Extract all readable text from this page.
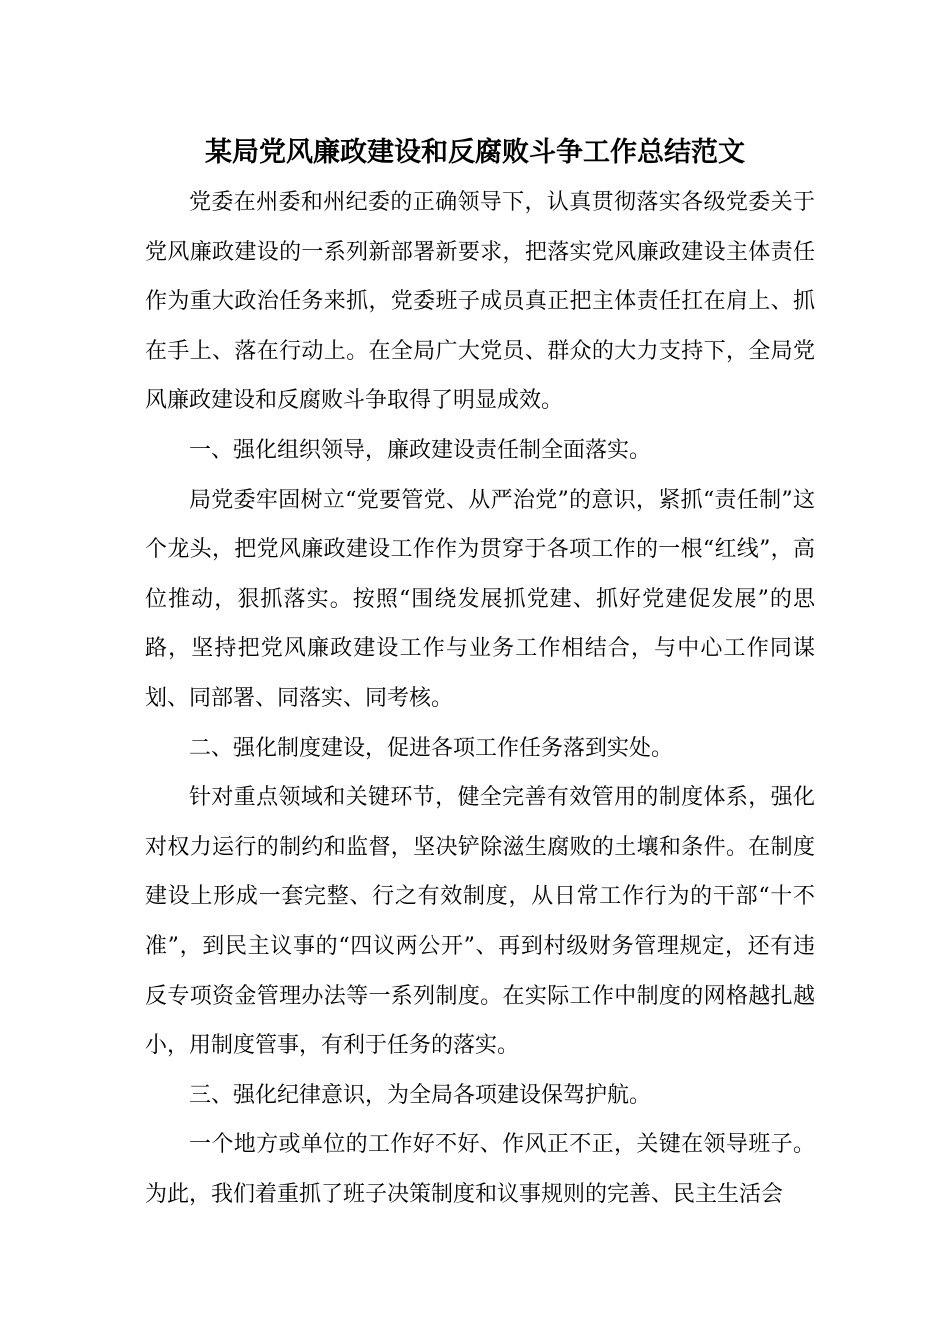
某局党风廉政建设和反腐败斗争工作总结范文

党委在州委和州纪委的正确领导下，认真贯彻落实各级党委关于党风廉政建设的一系列新部署新要求，把落实党风廉政建设主体责任作为重大政治任务来抓，党委班子成员真正把主体责任扛在肩上、抓在手上、落在行动上。在全局广大党员、群众的大力支持下，全局党风廉政建设和反腐败斗争取得了明显成效。

一、强化组织领导，廉政建设责任制全面落实。

局党委牢固树立“党要管党、从严治党”的意识，紧抓“责任制”这个龙头，把党风廉政建设工作作为贯穿于各项工作的一根“红线”，高位推动，狠抓落实。按照“围绕发展抓党建、抓好党建促发展”的思路，坚持把党风廉政建设工作与业务工作相结合，与中心工作同谋划、同部署、同落实、同考核。

二、强化制度建设，促进各项工作任务落到实处。

针对重点领域和关键环节，健全完善有效管用的制度体系，强化对权力运行的制约和监督，坚决铲除滋生腐败的土壤和条件。在制度建设上形成一套完整、行之有效制度，从日常工作行为的干部“十不准”，到民主议事的“四议两公开”、再到村级财务管理规定，还有违反专项资金管理办法等一系列制度。在实际工作中制度的网格越扎越小，用制度管事，有利于任务的落实。

三、强化纪律意识，为全局各项建设保驾护航。

一个地方或单位的工作好不好、作风正不正，关键在领导班子。为此，我们着重抓了班子决策制度和议事规则的完善、民主生活会
